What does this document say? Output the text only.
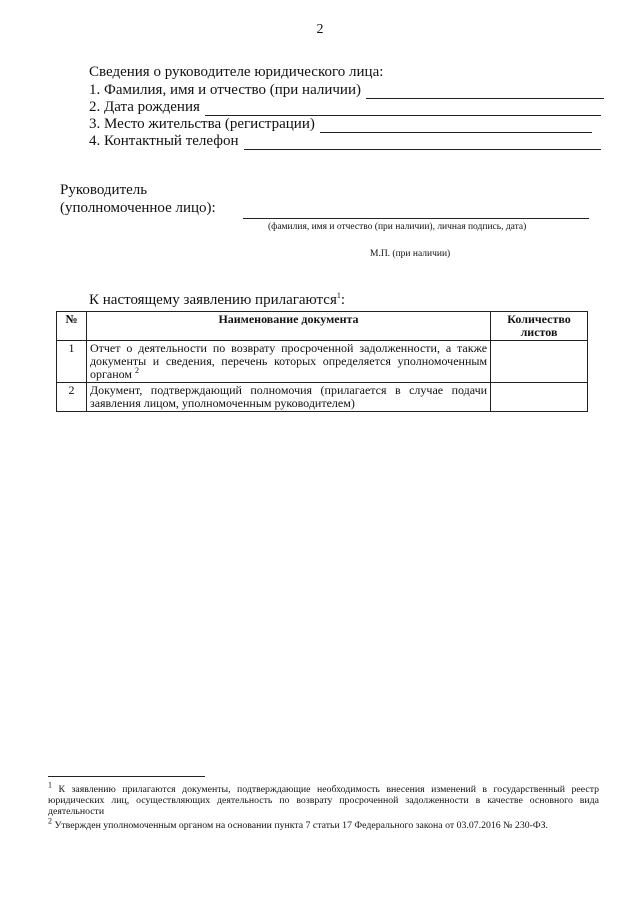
2
Сведения о руководителе юридического лица:
1. Фамилия, имя и отчество (при наличии)
2. Дата рождения
3. Место жительства (регистрации)
4. Контактный телефон
Руководитель
(уполномоченное лицо):
(фамилия, имя и отчество (при наличии), личная подпись, дата)
М.П. (при наличии)
К настоящему заявлению прилагаются$^1$:
№	Наименование документа	Количество листов
1	Отчет о деятельности по возврату просроченной задолженности, а также документы и сведения, перечень которых определяется уполномоченным органом $^2$	
2	Документ, подтверждающий полномочия (прилагается в случае подачи заявления лицом, уполномоченным руководителем)	
$^1$ К заявлению прилагаются документы, подтверждающие необходимость внесения изменений в государственный реестр юридических лиц, осуществляющих деятельность по возврату просроченной задолженности в качестве основного вида деятельности
$^2$ Утвержден уполномоченным органом на основании пункта 7 статьи 17 Федерального закона от 03.07.2016 № 230-ФЗ.
